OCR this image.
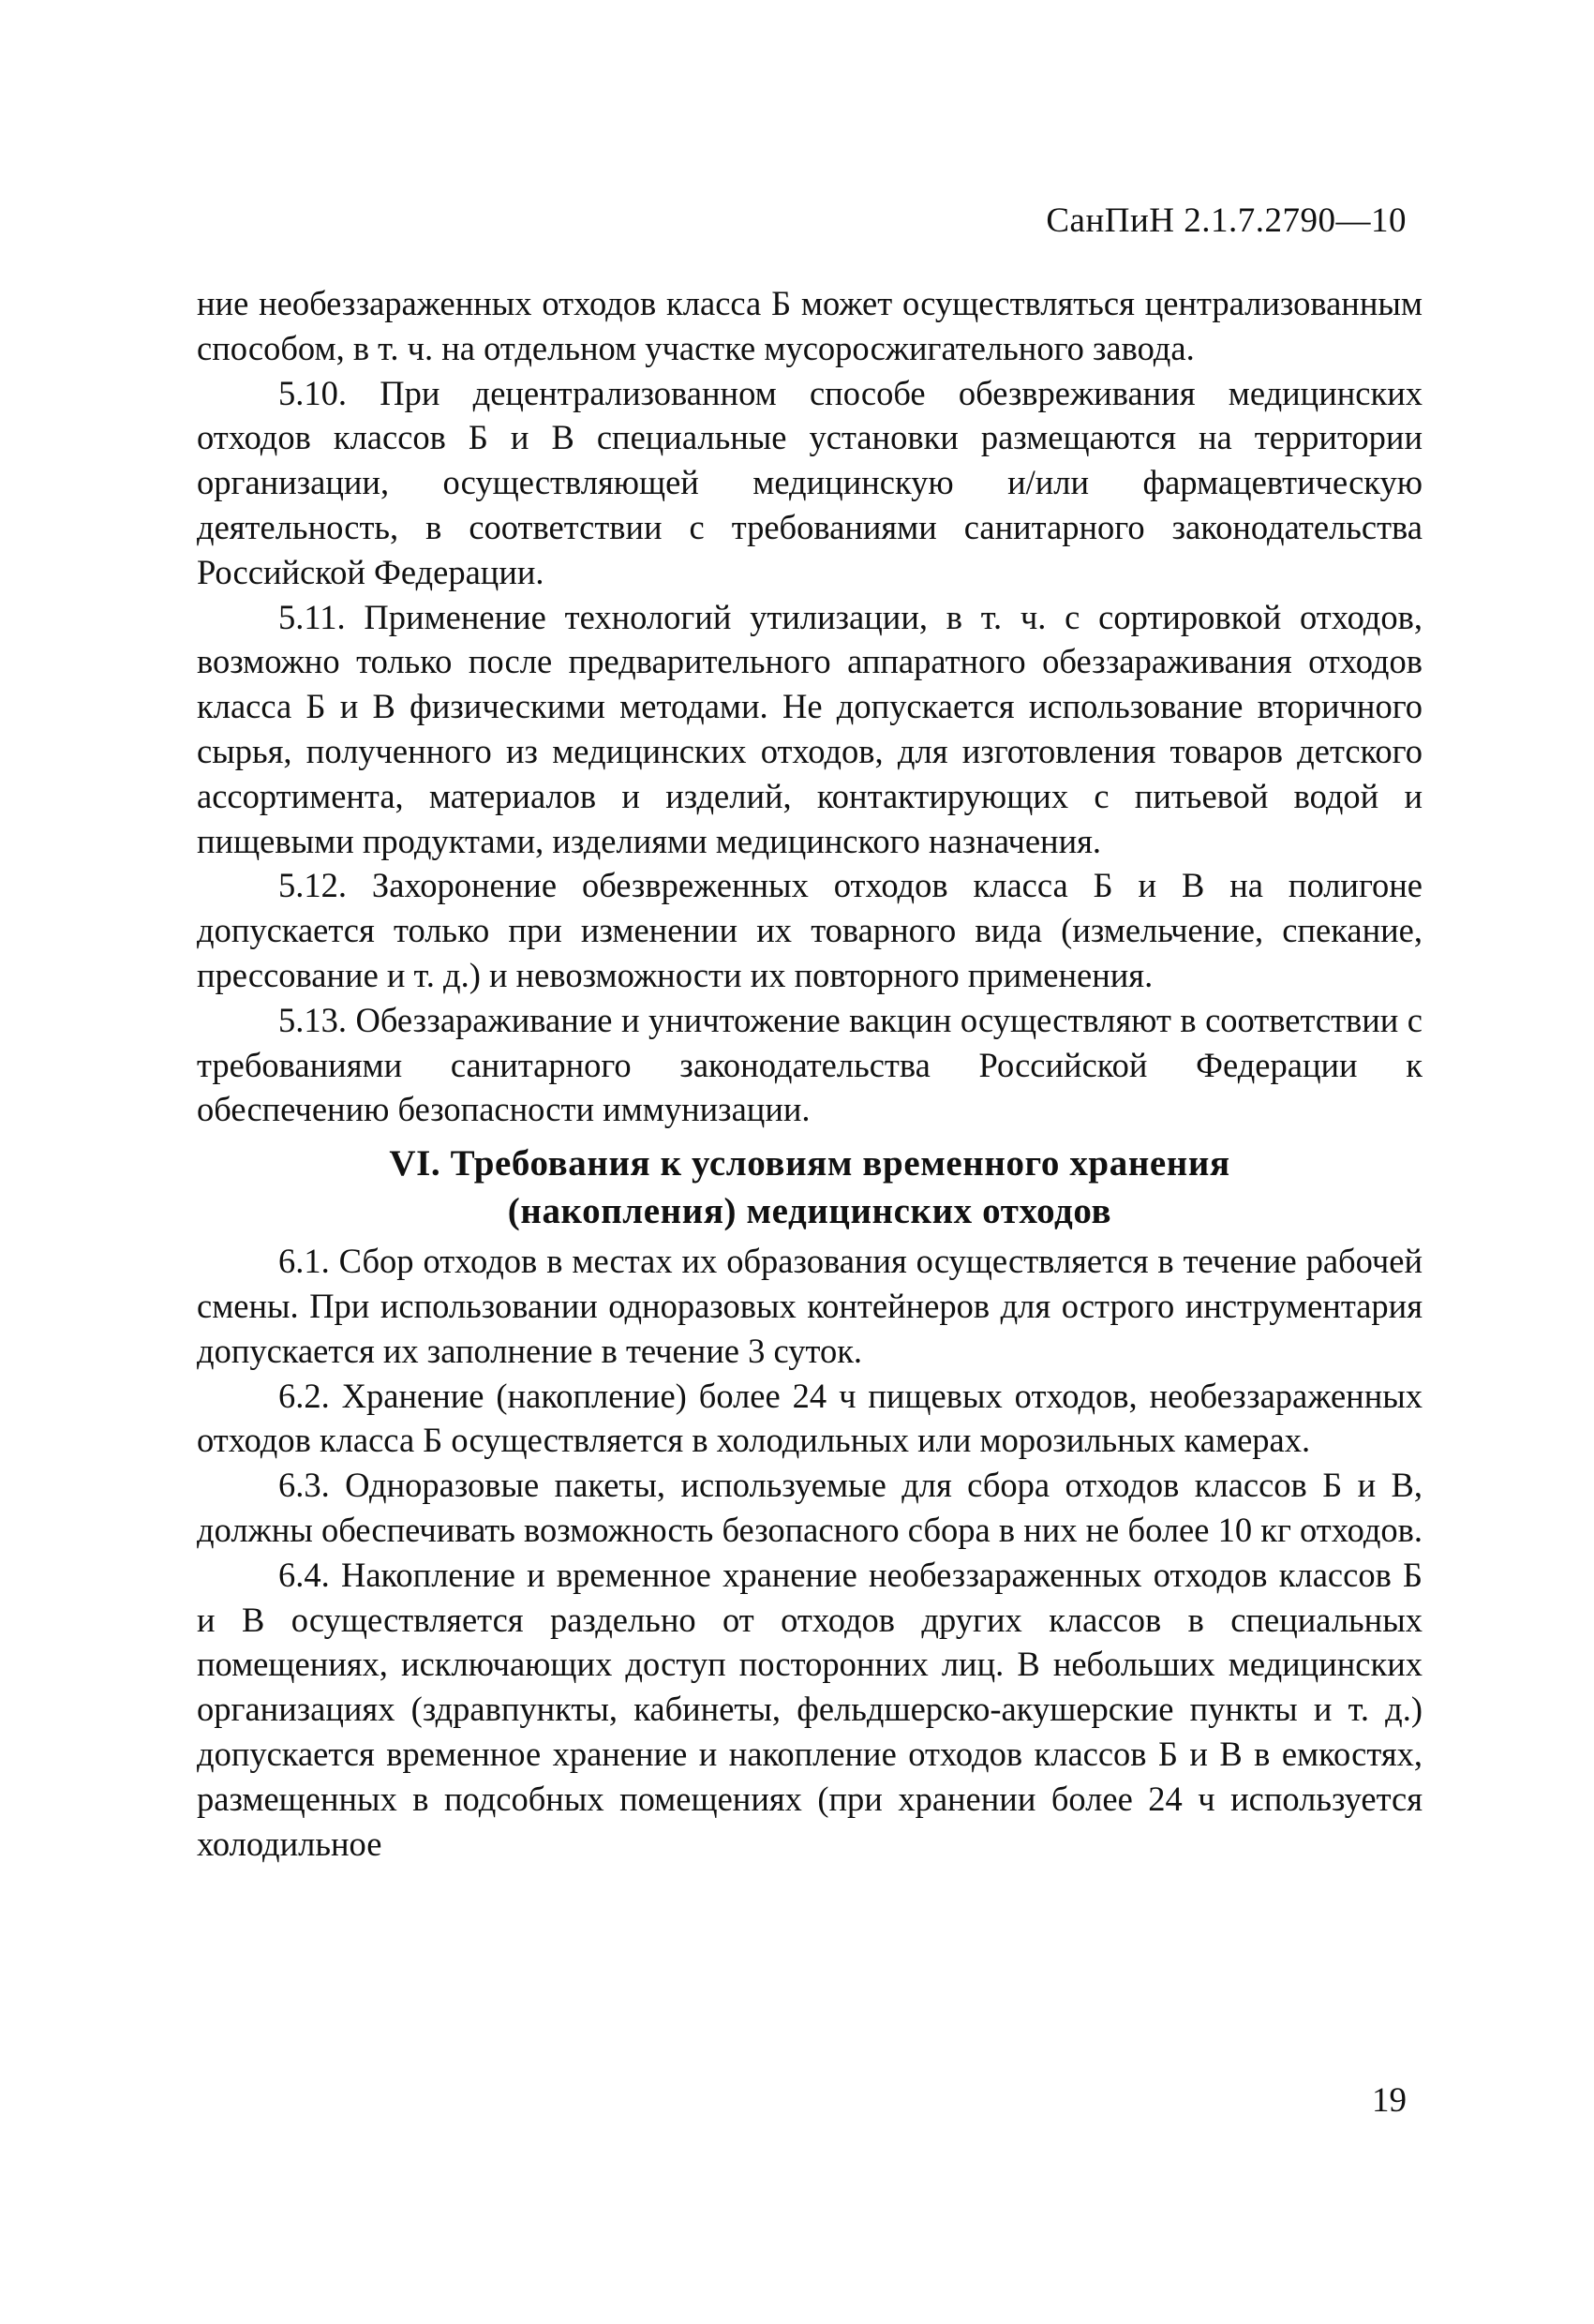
СанПиН 2.1.7.2790—10

ние необеззараженных отходов класса Б может осуществляться централизованным способом, в т. ч. на отдельном участке мусоросжигательного завода.

5.10. При децентрализованном способе обезвреживания медицинских отходов классов Б и В специальные установки размещаются на территории организации, осуществляющей медицинскую и/или фармацевтическую деятельность, в соответствии с требованиями санитарного законодательства Российской Федерации.

5.11. Применение технологий утилизации, в т. ч. с сортировкой отходов, возможно только после предварительного аппаратного обеззараживания отходов класса Б и В физическими методами. Не допускается использование вторичного сырья, полученного из медицинских отходов, для изготовления товаров детского ассортимента, материалов и изделий, контактирующих с питьевой водой и пищевыми продуктами, изделиями медицинского назначения.

5.12. Захоронение обезвреженных отходов класса Б и В на полигоне допускается только при изменении их товарного вида (измельчение, спекание, прессование и т. д.) и невозможности их повторного применения.

5.13. Обеззараживание и уничтожение вакцин осуществляют в соответствии с требованиями санитарного законодательства Российской Федерации к обеспечению безопасности иммунизации.

VI. Требования к условиям временного хранения
(накопления) медицинских отходов

6.1. Сбор отходов в местах их образования осуществляется в течение рабочей смены. При использовании одноразовых контейнеров для острого инструментария допускается их заполнение в течение 3 суток.

6.2. Хранение (накопление) более 24 ч пищевых отходов, необеззараженных отходов класса Б осуществляется в холодильных или морозильных камерах.

6.3. Одноразовые пакеты, используемые для сбора отходов классов Б и В, должны обеспечивать возможность безопасного сбора в них не более 10 кг отходов.

6.4. Накопление и временное хранение необеззараженных отходов классов Б и В осуществляется раздельно от отходов других классов в специальных помещениях, исключающих доступ посторонних лиц. В небольших медицинских организациях (здравпункты, кабинеты, фельдшерско-акушерские пункты и т. д.) допускается временное хранение и накопление отходов классов Б и В в емкостях, размещенных в подсобных помещениях (при хранении более 24 ч используется холодильное

19
